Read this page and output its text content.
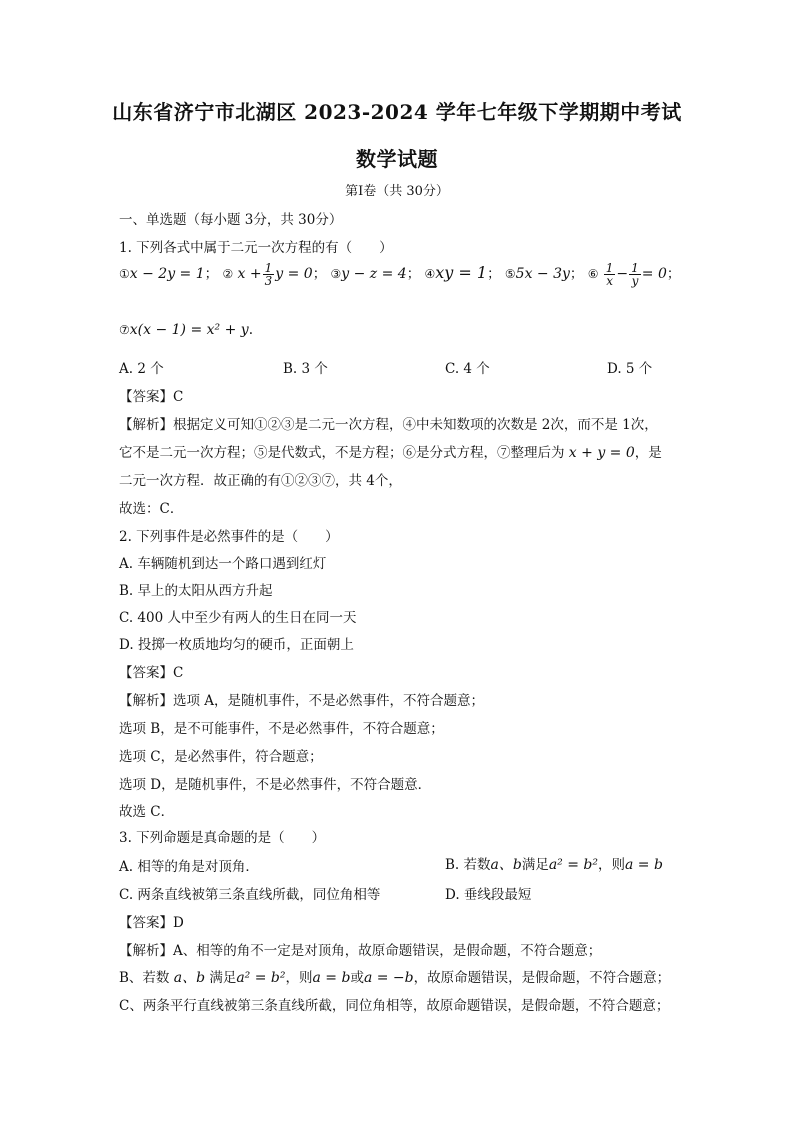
山东省济宁市北湖区 2023-2024 学年七年级下学期期中考试
数学试题
第Ⅰ卷（共 30分）
一、单选题（每小题 3分，共 30分）
1. 下列各式中属于二元一次方程的有（　　）
①x − 2y = 1； ② $x + \frac{1}{3}$ y = 0； ③y − z = 4； ④xy = 1； ⑤5x − 3y； ⑥ $\frac{1}{x} - \frac{1}{y} = 0$；
⑦x(x − 1) = x² + y.
A. 2 个	B. 3 个	C. 4 个	D. 5 个
【答案】C
【解析】根据定义可知①②③是二元一次方程，④中未知数项的次数是 2次，而不是 1次，
它不是二元一次方程；⑤是代数式，不是方程；⑥是分式方程，⑦整理后为 x + y = 0，是
二元一次方程．故正确的有①②③⑦，共 4个，
故选：C．
2. 下列事件是必然事件的是（　　）
A. 车辆随机到达一个路口遇到红灯
B. 早上的太阳从西方升起
C. 400 人中至少有两人的生日在同一天
D. 投掷一枚质地均匀的硬币，正面朝上
【答案】C
【解析】选项 A，是随机事件，不是必然事件，不符合题意；
选项 B，是不可能事件，不是必然事件，不符合题意；
选项 C，是必然事件，符合题意；
选项 D，是随机事件，不是必然事件，不符合题意．
故选 C．
3. 下列命题是真命题的是（　　）
A. 相等的角是对顶角．	B. 若数a、b满足a² = b²，则a = b
C. 两条直线被第三条直线所截，同位角相等	D. 垂线段最短
【答案】D
【解析】A、相等的角不一定是对顶角，故原命题错误，是假命题，不符合题意；
B、若数 a、b 满足a² = b²，则a = b或a = −b，故原命题错误，是假命题，不符合题意；
C、两条平行直线被第三条直线所截，同位角相等，故原命题错误，是假命题，不符合题意；
